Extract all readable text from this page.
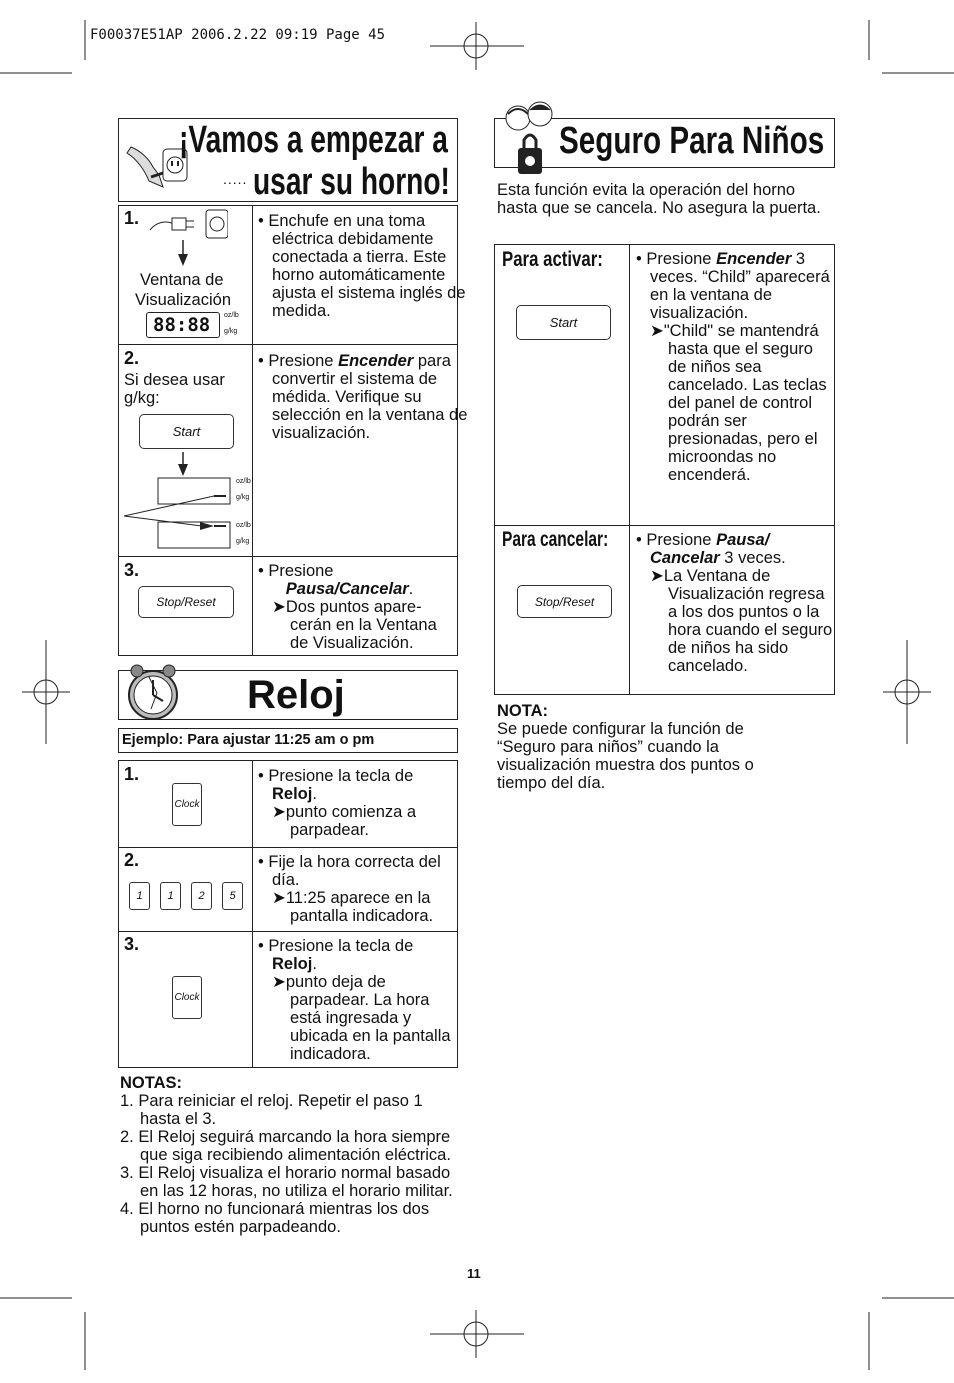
F00037E51AP 2006.2.22 09:19 Page 45
¡Vamos a empezar a
..... usar su horno!
1.
Ventana de
Visualización
88:88 oz/lb
g/kg
• Enchufe en una toma eléctrica debidamente conectada a tierra. Este horno automáticamente ajusta el sistema inglés de medida.
2.
Si desea usar g/kg:
Start
oz/lb
g/kg
oz/lb
g/kg
• Presione Encender para convertir el sistema de médida. Verifique su selección en la ventana de visualización.
3.
Stop/Reset
• Presione
Pausa/Cancelar.
➤Dos puntos apare- cerán en la Ventana de Visualización.
Reloj
Ejemplo: Para ajustar 11:25 am o pm
1.
Clock
• Presione la tecla de Reloj.
➤punto comienza a parpadear.
2.
1	1	2	5
• Fije la hora correcta del día.
➤11:25 aparece en la pantalla indicadora.
3.
Clock
• Presione la tecla de Reloj.
➤punto deja de parpadear. La hora está ingresada y ubicada en la pantalla indicadora.
NOTAS:
1. Para reiniciar el reloj. Repetir el paso 1 hasta el 3.
2. El Reloj seguirá marcando la hora siempre que siga recibiendo alimentación eléctrica.
3. El Reloj visualiza el horario normal basado en las 12 horas, no utiliza el horario militar.
4. El horno no funcionará mientras los dos puntos estén parpadeando.
Seguro Para Niños
Esta función evita la operación del horno hasta que se cancela. No asegura la puerta.
Para activar:
Start
• Presione Encender 3 veces. “Child” aparecerá en la ventana de visualización.
➤"Child" se mantendrá hasta que el seguro de niños sea cancelado. Las teclas del panel de control podrán ser presionadas, pero el microondas no encenderá.
Para cancelar:
Stop/Reset
• Presione Pausa/ Cancelar 3 veces.
➤La Ventana de Visualización regresa a los dos puntos o la hora cuando el seguro de niños ha sido cancelado.
NOTA:
Se puede configurar la función de “Seguro para niños” cuando la visualización muestra dos puntos o tiempo del día.
11
